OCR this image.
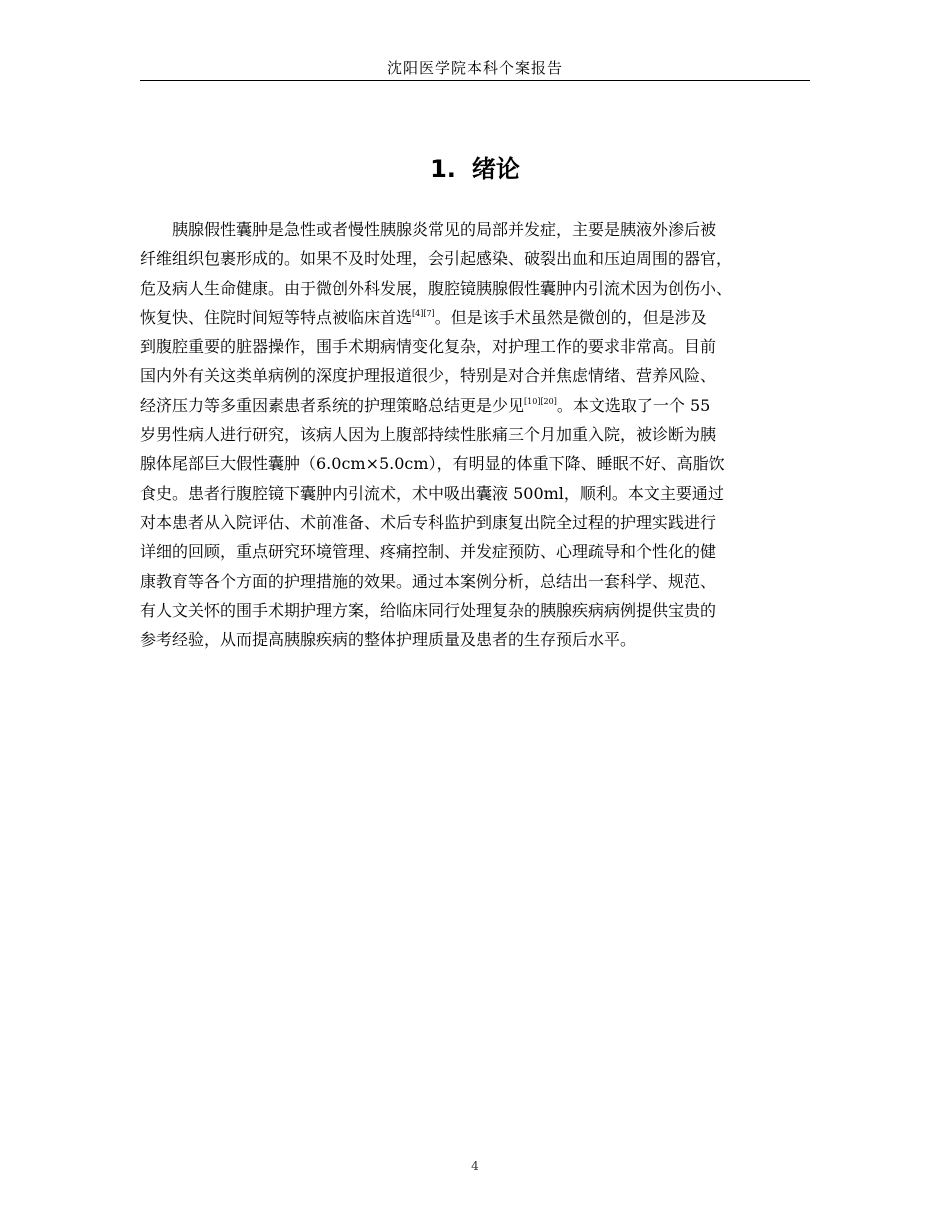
沈阳医学院本科个案报告
1. 绪论

胰腺假性囊肿是急性或者慢性胰腺炎常见的局部并发症，主要是胰液外渗后被
纤维组织包裹形成的。如果不及时处理，会引起感染、破裂出血和压迫周围的器官，
危及病人生命健康。由于微创外科发展，腹腔镜胰腺假性囊肿内引流术因为创伤小、
恢复快、住院时间短等特点被临床首选[4][7]。但是该手术虽然是微创的，但是涉及
到腹腔重要的脏器操作，围手术期病情变化复杂，对护理工作的要求非常高。目前
国内外有关这类单病例的深度护理报道很少，特别是对合并焦虑情绪、营养风险、
经济压力等多重因素患者系统的护理策略总结更是少见[10][20]。本文选取了一个 55
岁男性病人进行研究，该病人因为上腹部持续性胀痛三个月加重入院，被诊断为胰
腺体尾部巨大假性囊肿（6.0cm×5.0cm），有明显的体重下降、睡眠不好、高脂饮
食史。患者行腹腔镜下囊肿内引流术，术中吸出囊液 500ml，顺利。本文主要通过
对本患者从入院评估、术前准备、术后专科监护到康复出院全过程的护理实践进行
详细的回顾，重点研究环境管理、疼痛控制、并发症预防、心理疏导和个性化的健
康教育等各个方面的护理措施的效果。通过本案例分析，总结出一套科学、规范、
有人文关怀的围手术期护理方案，给临床同行处理复杂的胰腺疾病病例提供宝贵的
参考经验，从而提高胰腺疾病的整体护理质量及患者的生存预后水平。

4
